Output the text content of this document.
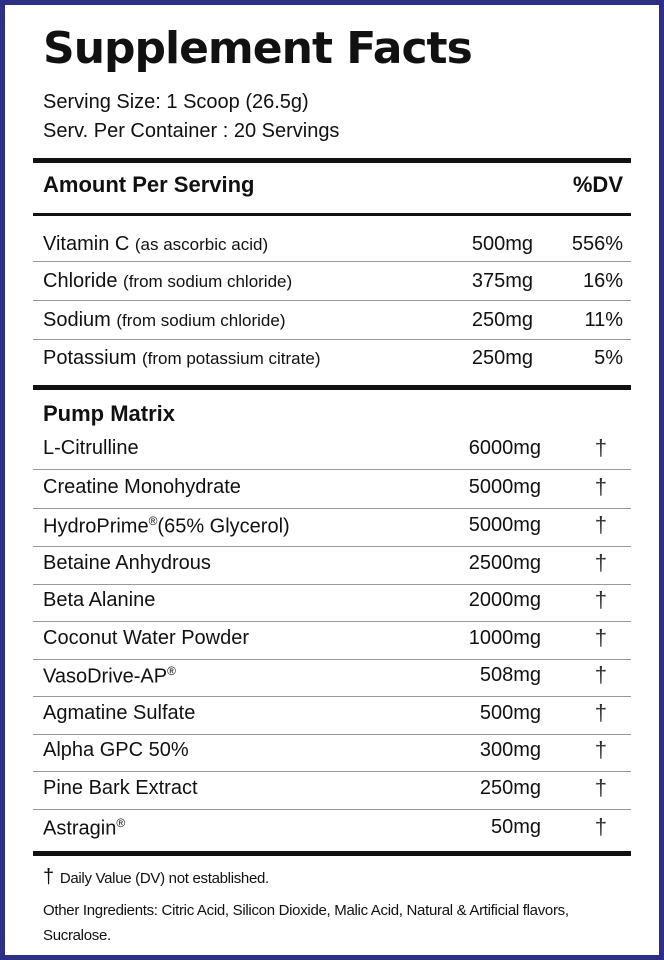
Supplement Facts
Serving Size: 1 Scoop (26.5g)
Serv. Per Container : 20 Servings
Amount Per Serving	%DV
Vitamin C (as ascorbic acid)	500mg 556%
Chloride (from sodium chloride)	375mg 16%
Sodium (from sodium chloride)	250mg	11%
Potassium (from potassium citrate)	250mg	5%
Pump Matrix
L-Citrulline	6000mg †
Creatine Monohydrate	5000mg †
HydroPrime®(65% Glycerol)	5000mg †
Betaine Anhydrous	2500mg †
Beta Alanine	2000mg †
Coconut Water Powder	1000mg †
VasoDrive-AP®	508mg †
Agmatine Sulfate	500mg †
Alpha GPC 50%	300mg †
Pine Bark Extract	250mg †
Astragin®	50mg †
† Daily Value (DV) not established.
Other Ingredients: Citric Acid, Silicon Dioxide, Malic Acid, Natural & Artificial flavors,
Sucralose.
